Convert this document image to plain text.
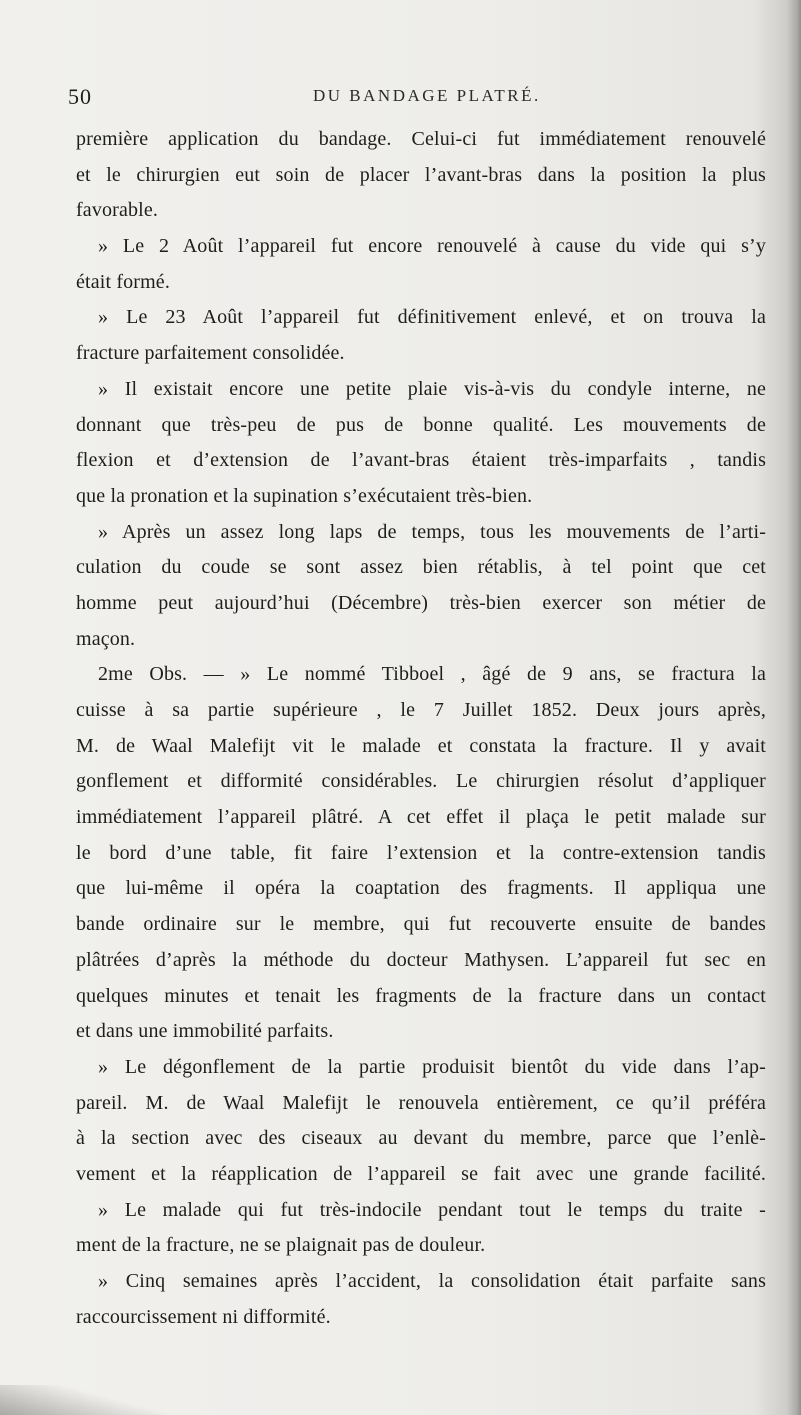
50	DU BANDAGE PLATRÉ.
première application du bandage. Celui-ci fut immédiatement renouvelé
et le chirurgien eut soin de placer l’avant-bras dans la position la plus
favorable.
» Le 2 Août l’appareil fut encore renouvelé à cause du vide qui s’y
était formé.
» Le 23 Août l’appareil fut définitivement enlevé, et on trouva la
fracture parfaitement consolidée.
» Il existait encore une petite plaie vis-à-vis du condyle interne, ne
donnant que très-peu de pus de bonne qualité. Les mouvements de
flexion et d’extension de l’avant-bras étaient très-imparfaits , tandis
que la pronation et la supination s’exécutaient très-bien.
» Après un assez long laps de temps, tous les mouvements de l’arti-
culation du coude se sont assez bien rétablis, à tel point que cet
homme peut aujourd’hui (Décembre) très-bien exercer son métier de
maçon.
2me Obs. — » Le nommé Tibboel , âgé de 9 ans, se fractura la
cuisse à sa partie supérieure , le 7 Juillet 1852. Deux jours après,
M. de Waal Malefijt vit le malade et constata la fracture. Il y avait
gonflement et difformité considérables. Le chirurgien résolut d’appliquer
immédiatement l’appareil plâtré. A cet effet il plaça le petit malade sur
le bord d’une table, fit faire l’extension et la contre-extension tandis
que lui-même il opéra la coaptation des fragments. Il appliqua une
bande ordinaire sur le membre, qui fut recouverte ensuite de bandes
plâtrées d’après la méthode du docteur Mathysen. L’appareil fut sec en
quelques minutes et tenait les fragments de la fracture dans un contact
et dans une immobilité parfaits.
» Le dégonflement de la partie produisit bientôt du vide dans l’ap-
pareil. M. de Waal Malefijt le renouvela entièrement, ce qu’il préféra
à la section avec des ciseaux au devant du membre, parce que l’enlè-
vement et la réapplication de l’appareil se fait avec une grande facilité.
» Le malade qui fut très-indocile pendant tout le temps du traite -
ment de la fracture, ne se plaignait pas de douleur.
» Cinq semaines après l’accident, la consolidation était parfaite sans
raccourcissement ni difformité.
